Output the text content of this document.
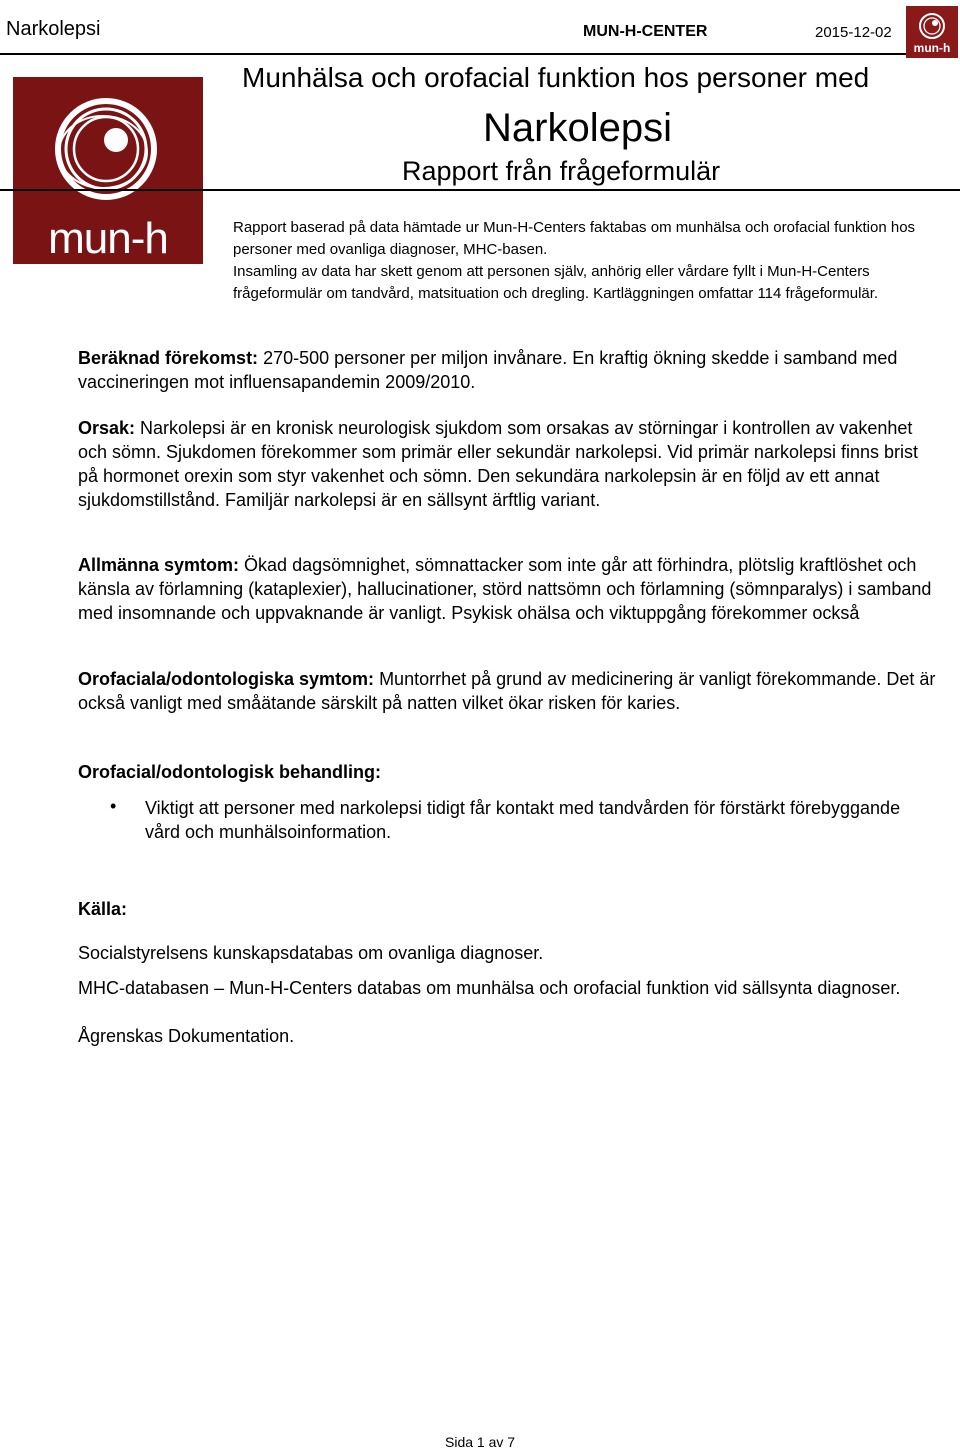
Narkolepsi	MUN-H-CENTER	2015-12-02
mun-h
mun-h
Munhälsa och orofacial funktion hos personer med
Narkolepsi
Rapport från frågeformulär

Rapport baserad på data hämtade ur Mun-H-Centers faktabas om munhälsa och orofacial funktion hos personer med ovanliga diagnoser, MHC-basen.

Insamling av data har skett genom att personen själv, anhörig eller vårdare fyllt i Mun-H-Centers frågeformulär om tandvård, matsituation och dregling. Kartläggningen omfattar 114 frågeformulär.

Beräknad förekomst: 270-500 personer per miljon invånare. En kraftig ökning skedde i samband med vaccineringen mot influensapandemin 2009/2010.

Orsak: Narkolepsi är en kronisk neurologisk sjukdom som orsakas av störningar i kontrollen av vakenhet och sömn. Sjukdomen förekommer som primär eller sekundär narkolepsi. Vid primär narkolepsi finns brist på hormonet orexin som styr vakenhet och sömn. Den sekundära narkolepsin är en följd av ett annat sjukdomstillstånd. Familjär narkolepsi är en sällsynt ärftlig variant.

Allmänna symtom: Ökad dagsömnighet, sömnattacker som inte går att förhindra, plötslig kraftlöshet och känsla av förlamning (kataplexier), hallucinationer, störd nattsömn och förlamning (sömnparalys) i samband med insomnande och uppvaknande är vanligt. Psykisk ohälsa och viktuppgång förekommer också

Orofaciala/odontologiska symtom: Muntorrhet på grund av medicinering är vanligt förekommande. Det är också vanligt med småätande särskilt på natten vilket ökar risken för karies.

Orofacial/odontologisk behandling:

• Viktigt att personer med narkolepsi tidigt får kontakt med tandvården för förstärkt förebyggande vård och munhälsoinformation.

Källa:

Socialstyrelsens kunskapsdatabas om ovanliga diagnoser.
MHC-databasen – Mun-H-Centers databas om munhälsa och orofacial funktion vid sällsynta diagnoser.
Ågrenskas Dokumentation.
Sida 1 av 7
